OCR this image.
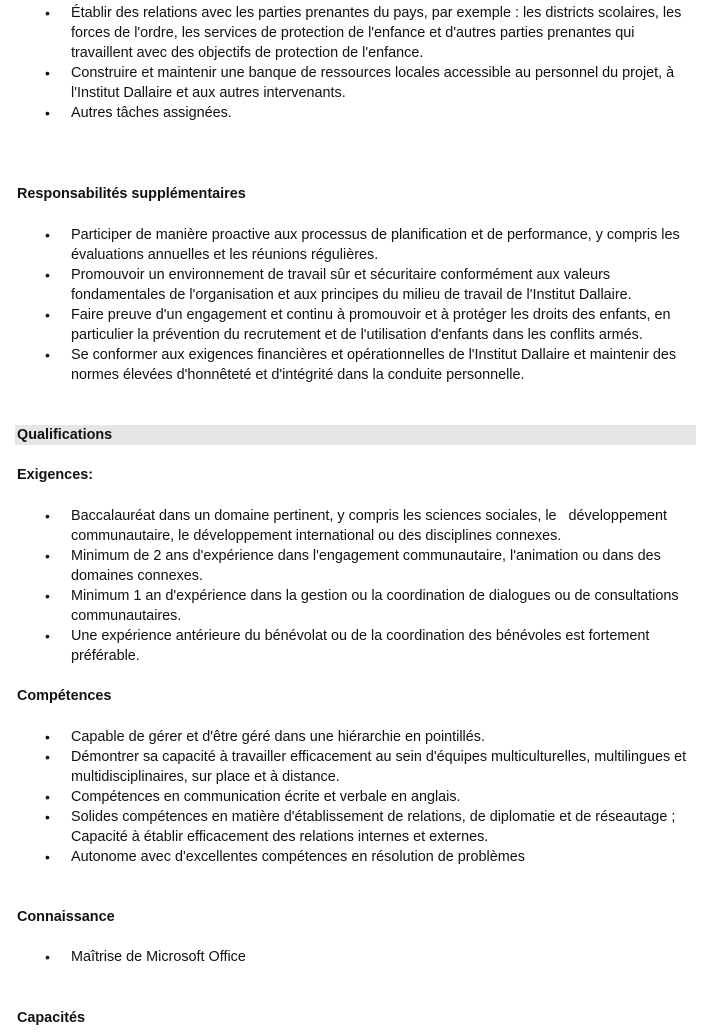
• Établir des relations avec les parties prenantes du pays, par exemple : les districts scolaires, les forces de l'ordre, les services de protection de l'enfance et d'autres parties prenantes qui travaillent avec des objectifs de protection de l'enfance.
• Construire et maintenir une banque de ressources locales accessible au personnel du projet, à l'Institut Dallaire et aux autres intervenants.
• Autres tâches assignées.
Responsabilités supplémentaires
• Participer de manière proactive aux processus de planification et de performance, y compris les évaluations annuelles et les réunions régulières.
• Promouvoir un environnement de travail sûr et sécuritaire conformément aux valeurs fondamentales de l'organisation et aux principes du milieu de travail de l'Institut Dallaire.
• Faire preuve d'un engagement et continu à promouvoir et à protéger les droits des enfants, en particulier la prévention du recrutement et de l'utilisation d'enfants dans les conflits armés.
• Se conformer aux exigences financières et opérationnelles de l'Institut Dallaire et maintenir des normes élevées d'honnêteté et d'intégrité dans la conduite personnelle.
Qualifications
Exigences:
• Baccalauréat dans un domaine pertinent, y compris les sciences sociales, le   développement communautaire, le développement international ou des disciplines connexes.
• Minimum de 2 ans d'expérience dans l'engagement communautaire, l'animation ou dans des domaines connexes.
• Minimum 1 an d'expérience dans la gestion ou la coordination de dialogues ou de consultations communautaires.
• Une expérience antérieure du bénévolat ou de la coordination des bénévoles est fortement préférable.
Compétences
• Capable de gérer et d'être géré dans une hiérarchie en pointillés.
• Démontrer sa capacité à travailler efficacement au sein d'équipes multiculturelles, multilingues et multidisciplinaires, sur place et à distance.
• Compétences en communication écrite et verbale en anglais.
• Solides compétences en matière d'établissement de relations, de diplomatie et de réseautage ; Capacité à établir efficacement des relations internes et externes.
• Autonome avec d'excellentes compétences en résolution de problèmes
Connaissance
• Maîtrise de Microsoft Office
Capacités
